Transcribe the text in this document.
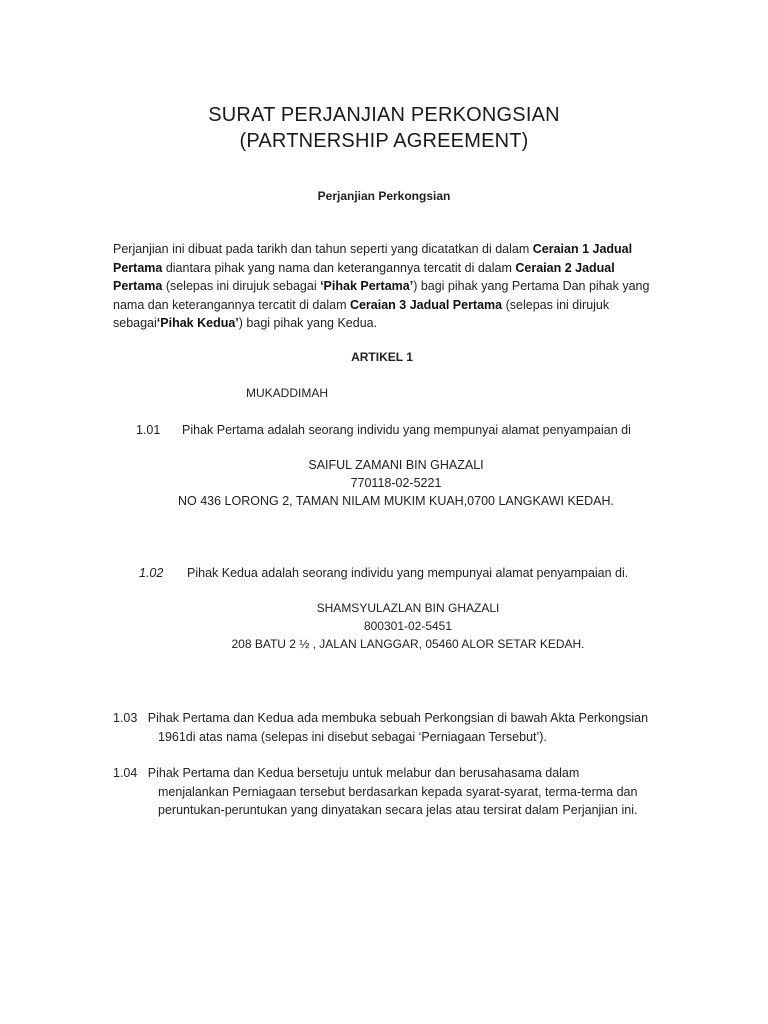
SURAT PERJANJIAN PERKONGSIAN
(PARTNERSHIP AGREEMENT)
Perjanjian Perkongsian
Perjanjian ini dibuat pada tarikh dan tahun seperti yang dicatatkan di dalam Ceraian 1 Jadual Pertama diantara pihak yang nama dan keterangannya tercatit di dalam Ceraian 2 Jadual Pertama (selepas ini dirujuk sebagai ‘Pihak Pertama’) bagi pihak yang Pertama Dan pihak yang nama dan keterangannya tercatit di dalam Ceraian 3 Jadual Pertama (selepas ini dirujuk sebagai‘Pihak Kedua’) bagi pihak yang Kedua.
ARTIKEL 1
MUKADDIMAH
1.01 Pihak Pertama adalah seorang individu yang mempunyai alamat penyampaian di
SAIFUL ZAMANI BIN GHAZALI
770118-02-5221
NO 436 LORONG 2, TAMAN NILAM MUKIM KUAH,0700 LANGKAWI KEDAH.
1.02 Pihak Kedua adalah seorang individu yang mempunyai alamat penyampaian di.
SHAMSYULAZLAN BIN GHAZALI
800301-02-5451
208 BATU 2 ½ , JALAN LANGGAR, 05460 ALOR SETAR KEDAH.
1.03 Pihak Pertama dan Kedua ada membuka sebuah Perkongsian di bawah Akta Perkongsian
1961di atas nama (selepas ini disebut sebagai ‘Perniagaan Tersebut’).
1.04 Pihak Pertama dan Kedua bersetuju untuk melabur dan berusahasama dalam
menjalankan Perniagaan tersebut berdasarkan kepada syarat-syarat, terma-terma dan
peruntukan-peruntukan yang dinyatakan secara jelas atau tersirat dalam Perjanjian ini.
